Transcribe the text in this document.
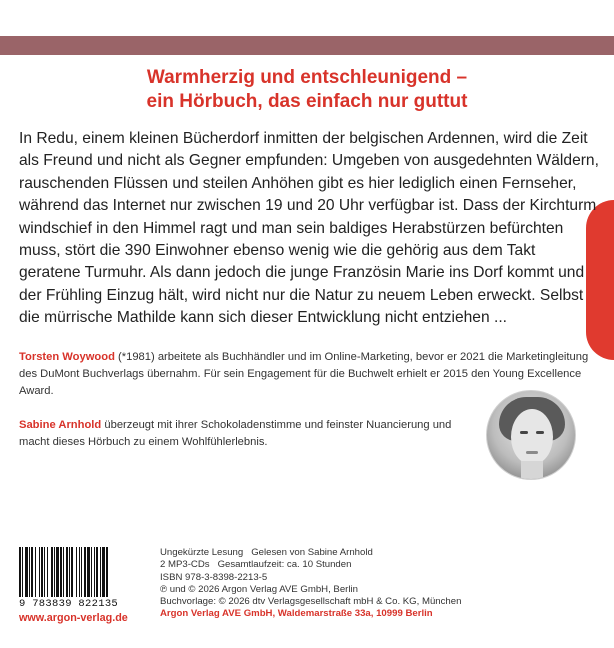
Warmherzig und entschleunigend –
ein Hörbuch, das einfach nur guttut

In Redu, einem kleinen Bücherdorf inmitten der belgischen Ardennen, wird die Zeit als Freund und nicht als Gegner empfunden: Umgeben von ausgedehnten Wäldern, rauschenden Flüssen und steilen Anhöhen gibt es hier lediglich einen Fernseher, während das Internet nur zwischen 19 und 20 Uhr verfügbar ist. Dass der Kirchturm windschief in den Himmel ragt und man sein baldiges Herabstürzen befürchten muss, stört die 390 Einwohner ebenso wenig wie die gehörig aus dem Takt geratene Turmuhr. Als dann jedoch die junge Französin Marie ins Dorf kommt und der Frühling Einzug hält, wird nicht nur die Natur zu neuem Leben erweckt. Selbst die mürrische Mathilde kann sich dieser Entwicklung nicht entziehen ...

Torsten Woywood (*1981) arbeitete als Buchhändler und im Online-Marketing, bevor er 2021 die Marketingleitung des DuMont Buchverlags übernahm. Für sein Engagement für die Buchwelt erhielt er 2015 den Young Excellence Award.
Sabine Arnhold überzeugt mit ihrer Schokoladenstimme und feinster Nuancierung und macht dieses Hörbuch zu einem Wohlfühlerlebnis.
9 783839 822135
www.argon-verlag.de
Ungekürzte Lesung Gelesen von Sabine Arnhold
2 MP3-CDs Gesamtlaufzeit: ca. 10 Stunden
ISBN 978-3-8398-2213-5
℗ und © 2026 Argon Verlag AVE GmbH, Berlin
Buchvorlage: © 2026 dtv Verlagsgesellschaft mbH & Co. KG, München
Argon Verlag AVE GmbH, Waldemarstraße 33a, 10999 Berlin
